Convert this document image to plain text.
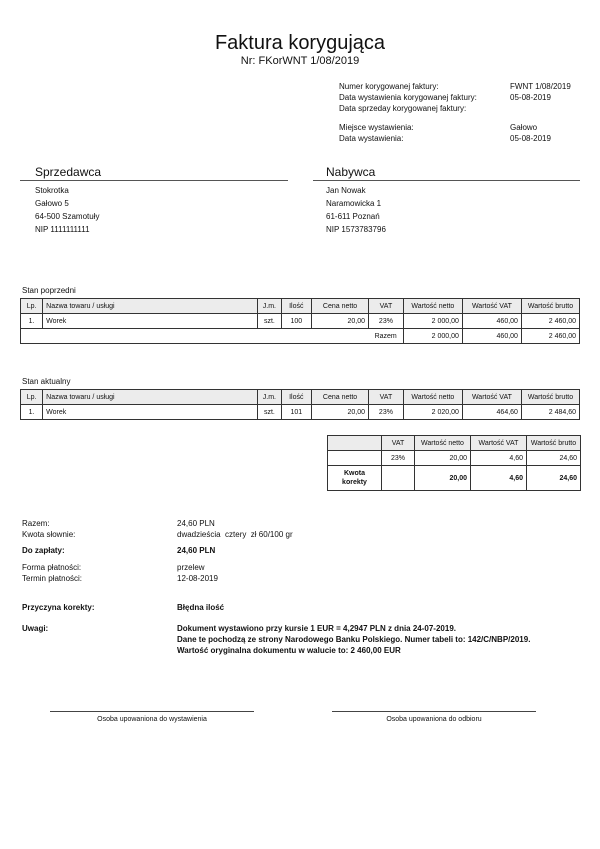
Faktura korygująca
Nr: FKorWNT 1/08/2019
Numer korygowanej faktury:	FWNT 1/08/2019
Data wystawienia korygowanej faktury:	05-08-2019
Data sprzeday korygowanej faktury:
Miejsce wystawienia:	Gałowo
Data wystawienia:	05-08-2019
Sprzedawca
Stokrotka
Gałowo 5
64-500 Szamotuły
NIP 1111111111
Nabywca
Jan Nowak
Naramowicka 1
61-611 Poznań
NIP 1573783796
Stan poprzedni
Lp.	Nazwa towaru / usługi	J.m.	Ilość	Cena netto	VAT	Wartość netto	Wartość VAT	Wartość brutto
1.	Worek	szt.	100	20,00	23%	2 000,00	460,00	2 460,00
					Razem	2 000,00	460,00	2 460,00
Stan aktualny
Lp.	Nazwa towaru / usługi	J.m.	Ilość	Cena netto	VAT	Wartość netto	Wartość VAT	Wartość brutto
1.	Worek	szt.	101	20,00	23%	2 020,00	464,60	2 484,60
	VAT	Wartość netto	Wartość VAT	Wartość brutto
	23%	20,00	4,60	24,60
Kwota
korekty		20,00	4,60	24,60
Razem:	24,60 PLN
Kwota słownie:	dwadzieścia  cztery  zł 60/100 gr
Do zapłaty:	24,60 PLN
Forma płatności:	przelew
Termin płatności:	12-08-2019
Przyczyna korekty:	Błędna ilość
Uwagi:	Dokument wystawiono przy kursie 1 EUR = 4,2947 PLN z dnia 24-07-2019.
Dane te pochodzą ze strony Narodowego Banku Polskiego. Numer tabeli to: 142/C/NBP/2019.
Wartość oryginalna dokumentu w walucie to: 2 460,00 EUR
Osoba upowaniona do wystawienia	Osoba upowaniona do odbioru
